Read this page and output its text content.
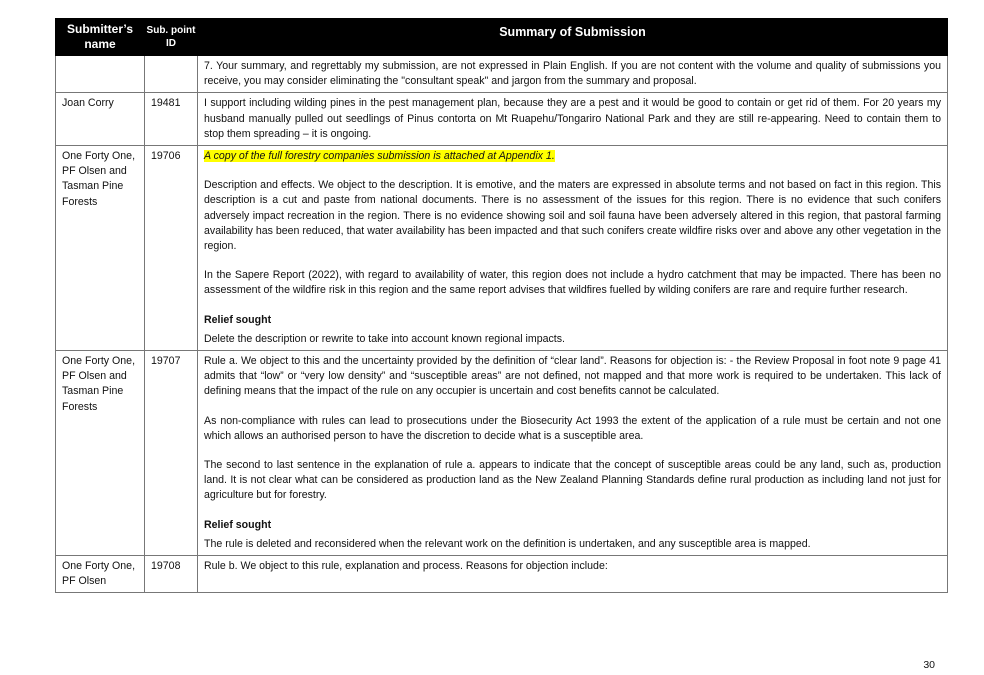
Submitter’s name	Sub. point ID	Summary of Submission

		7. Your summary, and regrettably my submission, are not expressed in Plain English. If you are not content with the volume and quality of submissions you receive, you may consider eliminating the "consultant speak" and jargon from the summary and proposal.

Joan Corry	19481	I support including wilding pines in the pest management plan, because they are a pest and it would be good to contain or get rid of them. For 20 years my husband manually pulled out seedlings of Pinus contorta on Mt Ruapehu/Tongariro National Park and they are still re-appearing. Need to contain them to stop them spreading – it is ongoing.

One Forty One, PF Olsen and Tasman Pine Forests	19706	A copy of the full forestry companies submission is attached at Appendix 1.

Description and effects. We object to the description. It is emotive, and the maters are expressed in absolute terms and not based on fact in this region. This description is a cut and paste from national documents. There is no assessment of the issues for this region. There is no evidence that such conifers adversely impact recreation in the region. There is no evidence showing soil and soil fauna have been adversely altered in this region, that pastoral farming availability has been reduced, that water availability has been impacted and that such conifers create wildfire risks over and above any other vegetation in the region.

In the Sapere Report (2022), with regard to availability of water, this region does not include a hydro catchment that may be impacted. There has been no assessment of the wildfire risk in this region and the same report advises that wildfires fuelled by wilding conifers are rare and require further research.

Relief sought

Delete the description or rewrite to take into account known regional impacts.

One Forty One, PF Olsen and Tasman Pine Forests	19707	Rule a. We object to this and the uncertainty provided by the definition of “clear land”. Reasons for objection is: - the Review Proposal in foot note 9 page 41 admits that “low” or “very low density” and “susceptible areas” are not defined, not mapped and that more work is required to be undertaken. This lack of defining means that the impact of the rule on any occupier is uncertain and cost benefits cannot be calculated.

As non-compliance with rules can lead to prosecutions under the Biosecurity Act 1993 the extent of the application of a rule must be certain and not one which allows an authorised person to have the discretion to decide what is a susceptible area.

The second to last sentence in the explanation of rule a. appears to indicate that the concept of susceptible areas could be any land, such as, production land. It is not clear what can be considered as production land as the New Zealand Planning Standards define rural production as including land not just for agriculture but for forestry.

Relief sought

The rule is deleted and reconsidered when the relevant work on the definition is undertaken, and any susceptible area is mapped.

One Forty One, PF Olsen	19708	Rule b. We object to this rule, explanation and process. Reasons for objection include:

30
